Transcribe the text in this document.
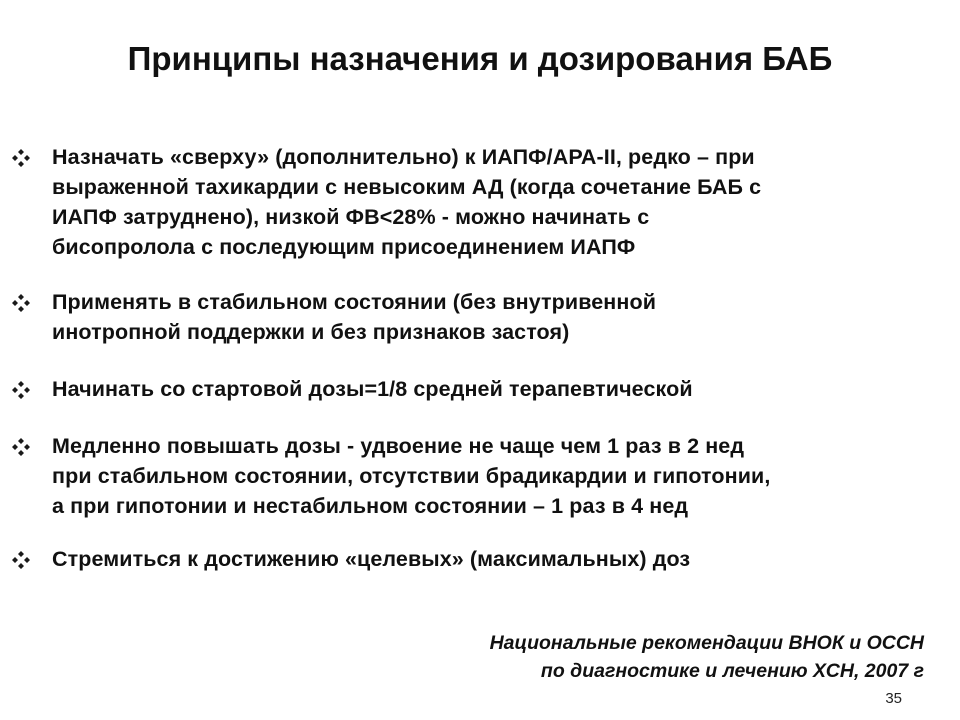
Принципы назначения и дозирования БАБ
Назначать «сверху» (дополнительно) к ИАПФ/АРА-II, редко – при
выраженной тахикардии с невысоким АД (когда сочетание БАБ с
ИАПФ затруднено), низкой ФВ<28% - можно начинать с
бисопролола с последующим присоединением ИАПФ
Применять в стабильном состоянии (без внутривенной
инотропной поддержки и без признаков застоя)
Начинать со стартовой дозы=1/8 средней терапевтической
Медленно повышать дозы - удвоение не чаще чем 1 раз в 2 нед
при стабильном состоянии, отсутствии брадикардии и гипотонии,
а при гипотонии и нестабильном состоянии – 1 раз в 4 нед
Стремиться к достижению «целевых» (максимальных) доз
Национальные рекомендации ВНОК и ОССН
по диагностике и лечению ХСН, 2007 г
35
